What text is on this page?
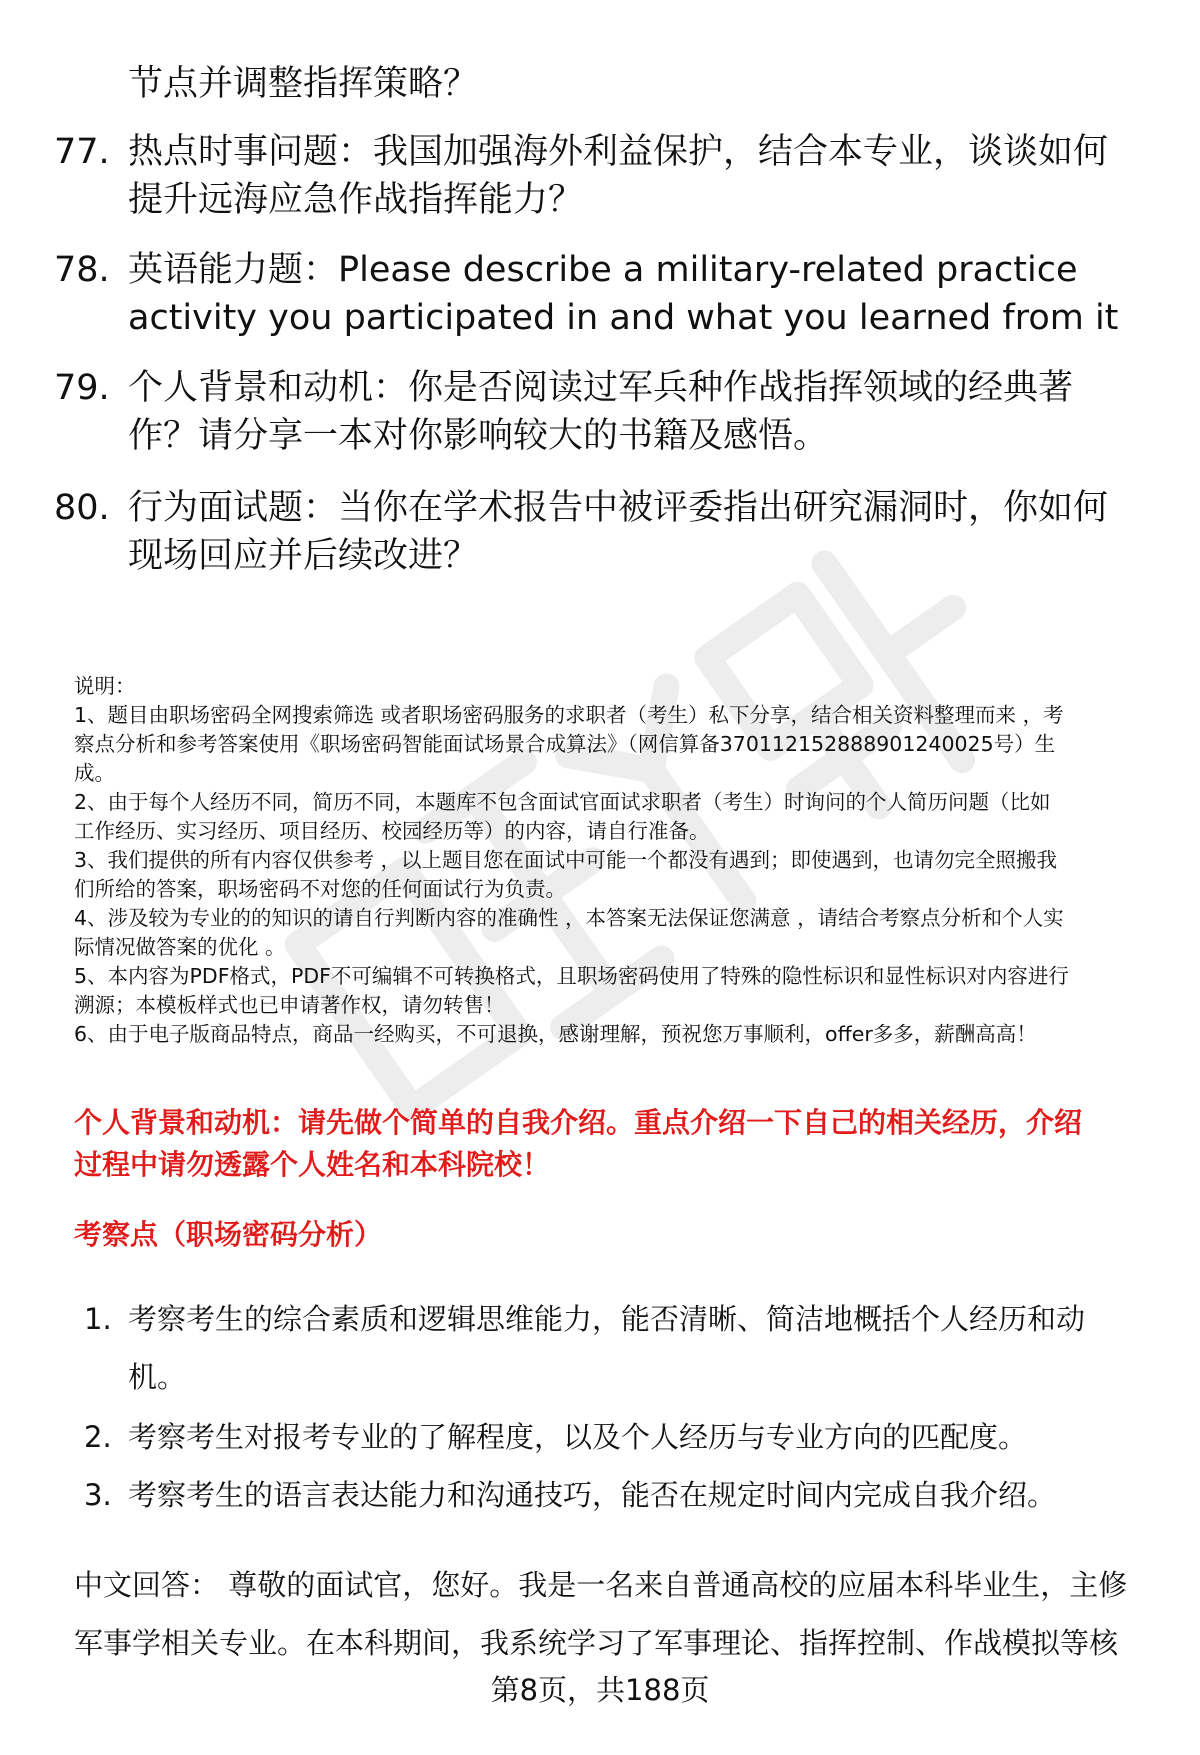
节点并调整指挥策略？
77. 热点时事问题：我国加强海外利益保护，结合本专业，谈谈如何
提升远海应急作战指挥能力？
78. 英语能力题：Please describe a military-related practice
activity you participated in and what you learned from it
79. 个人背景和动机：你是否阅读过军兵种作战指挥领域的经典著
作？请分享一本对你影响较大的书籍及感悟。
80. 行为面试题：当你在学术报告中被评委指出研究漏洞时，你如何
现场回应并后续改进？

说明：

1、题目由职场密码全网搜索筛选 或者职场密码服务的求职者（考生）私下分享，结合相关资料整理而来 ，考

察点分析和参考答案使用《职场密码智能面试场景合成算法》（网信算备370112152888901240025号）生

成。

2、由于每个人经历不同，简历不同，本题库不包含面试官面试求职者（考生）时询问的个人简历问题（比如

工作经历、实习经历、项目经历、校园经历等）的内容，请自行准备。

3、我们提供的所有内容仅供参考 ，以上题目您在面试中可能一个都没有遇到；即使遇到，也请勿完全照搬我

们所给的答案，职场密码不对您的任何面试行为负责。

4、涉及较为专业的的知识的请自行判断内容的准确性 ，本答案无法保证您满意 ，请结合考察点分析和个人实

际情况做答案的优化 。

5、本内容为PDF格式，PDF不可编辑不可转换格式，且职场密码使用了特殊的隐性标识和显性标识对内容进行

溯源；本模板样式也已申请著作权，请勿转售！

6、由于电子版商品特点，商品一经购买，不可退换，感谢理解，预祝您万事顺利，offer多多，薪酬高高！

个人背景和动机：请先做个简单的自我介绍。重点介绍一下自己的相关经历，介绍
过程中请勿透露个人姓名和本科院校！
考察点（职场密码分析）
1. 考察考生的综合素质和逻辑思维能力，能否清晰、简洁地概括个人经历和动
机。
2. 考察考生对报考专业的了解程度，以及个人经历与专业方向的匹配度。
3. 考察考生的语言表达能力和沟通技巧，能否在规定时间内完成自我介绍。
中文回答： 尊敬的面试官，您好。我是一名来自普通高校的应届本科毕业生，主修
军事学相关专业。在本科期间，我系统学习了军事理论、指挥控制、作战模拟等核
第8页，共188页
